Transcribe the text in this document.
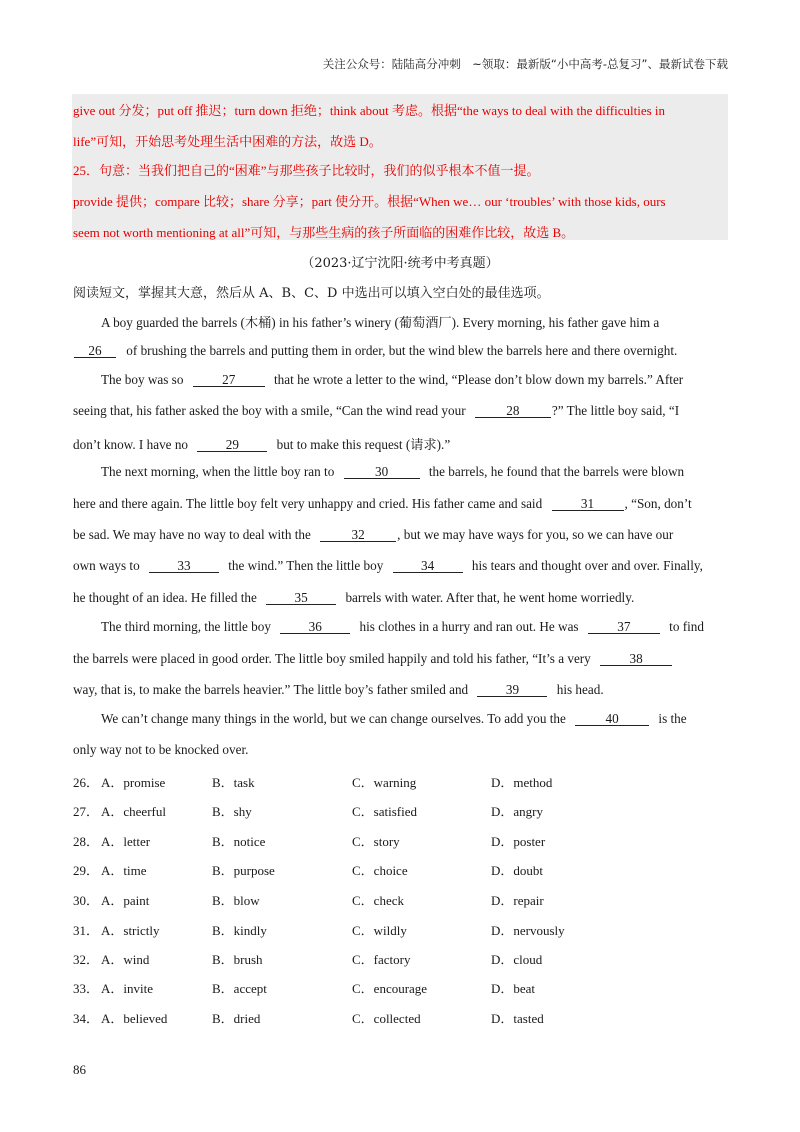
关注公众号：陆陆高分冲刺　~领取：最新版“小中高考-总复习”、最新试卷下载
give out 分发；put off 推迟；turn down 拒绝；think about 考虑。根据“the ways to deal with the difficulties in
life”可知，开始思考处理生活中困难的方法，故选 D。
25．句意：当我们把自己的“困难”与那些孩子比较时，我们的似乎根本不值一提。
provide 提供；compare 比较；share 分享；part 使分开。根据“When we… our ‘troubles’ with those kids, ours
seem not worth mentioning at all”可知，与那些生病的孩子所面临的困难作比较，故选 B。
（2023·辽宁沈阳·统考中考真题）
阅读短文，掌握其大意，然后从 A、B、C、D 中选出可以填入空白处的最佳选项。
A boy guarded the barrels (木桶) in his father’s winery (葡萄酒厂). Every morning, his father gave him a
26 of brushing the barrels and putting them in order, but the wind blew the barrels here and there overnight.
The boy was so	27	that he wrote a letter to the wind, “Please don’t blow down my barrels.” After
seeing that, his father asked the boy with a smile, “Can the wind read your	28 ?” The little boy said, “I
don’t know. I have no	29	but to make this request (请求).”
The next morning, when the little boy ran to	30	the barrels, he found that the barrels were blown
here and there again. The little boy felt very unhappy and cried. His father came and said	31 , “Son, don’t
be sad. We may have no way to deal with the	32 , but we may have ways for you, so we can have our
own ways to	33	the wind.” Then the little boy	34	his tears and thought over and over. Finally,
he thought of an idea. He filled the	35	barrels with water. After that, he went home worriedly.
The third morning, the little boy	36	his clothes in a hurry and ran out. He was	37	to find
the barrels were placed in good order. The little boy smiled happily and told his father, “It’s a very	38
way, that is, to make the barrels heavier.” The little boy’s father smiled and	39	his head.
We can’t change many things in the world, but we can change ourselves. To add you the	40	is the
only way not to be knocked over.
26． A．promise	B．task	C．warning	D．method
27． A．cheerful	B．shy	C．satisfied	D．angry
28． A．letter	B．notice	C．story	D．poster
29． A．time	B．purpose	C．choice	D．doubt
30． A．paint	B．blow	C．check	D．repair
31． A．strictly	B．kindly	C．wildly	D．nervously
32． A．wind	B．brush	C．factory	D．cloud
33． A．invite	B．accept	C．encourage	D．beat
34． A．believed	B．dried	C．collected	D．tasted
86
